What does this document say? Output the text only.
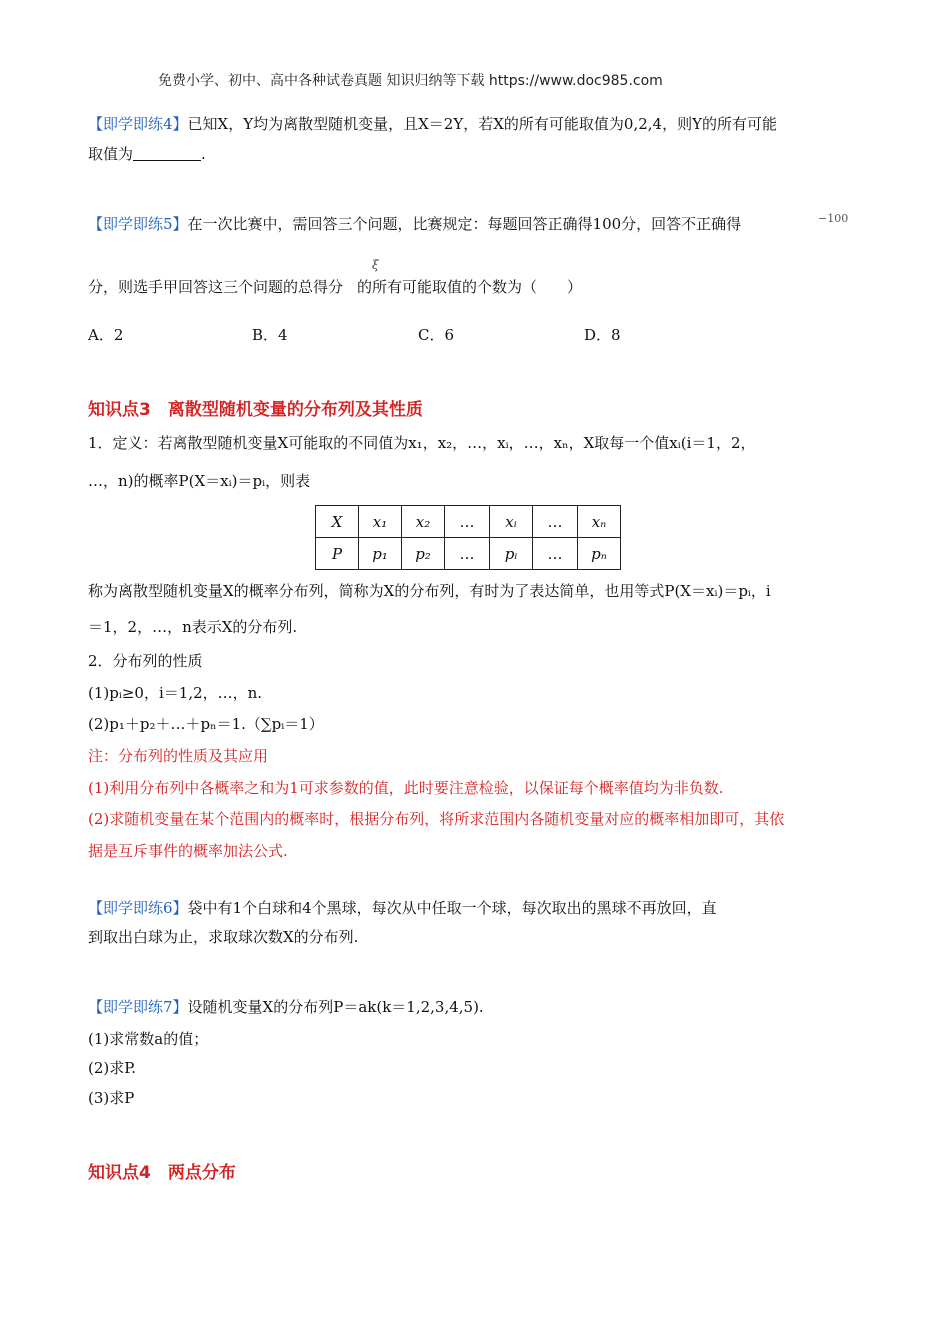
免费小学、初中、高中各种试卷真题 知识归纳等下载 https://www.doc985.com
【即学即练4】已知X，Y均为离散型随机变量，且X＝2Y，若X的所有可能取值为0,2,4，则Y的所有可能
取值为	.
【即学即练5】在一次比赛中，需回答三个问题，比赛规定：每题回答正确得100分，回答不正确得	−100
ξ
分，则选手甲回答这三个问题的总得分 的所有可能取值的个数为（　　）
A．2	B．4	C．6	D．8
知识点3　离散型随机变量的分布列及其性质
1．定义：若离散型随机变量X可能取的不同值为x₁，x₂，…，xᵢ，…，xₙ，X取每一个值xᵢ(i＝1，2，
…，n)的概率P(X＝xᵢ)＝pᵢ，则表
X	x₁	x₂	…	xᵢ	…	xₙ
P	p₁	p₂	…	pᵢ	…	pₙ
称为离散型随机变量X的概率分布列，简称为X的分布列，有时为了表达简单，也用等式P(X＝xᵢ)＝pᵢ，i
＝1，2，…，n表示X的分布列.
2．分布列的性质
(1)pᵢ≥0，i＝1,2，…，n.
(2)p₁＋p₂＋…＋pₙ＝1.（∑pᵢ＝1）
注：分布列的性质及其应用
(1)利用分布列中各概率之和为1可求参数的值，此时要注意检验，以保证每个概率值均为非负数.
(2)求随机变量在某个范围内的概率时，根据分布列，将所求范围内各随机变量对应的概率相加即可，其依
据是互斥事件的概率加法公式.
【即学即练6】袋中有1个白球和4个黑球，每次从中任取一个球，每次取出的黑球不再放回，直
到取出白球为止，求取球次数X的分布列.
【即学即练7】设随机变量X的分布列P＝ak(k＝1,2,3,4,5).
(1)求常数a的值；
(2)求P.
(3)求P
知识点4　两点分布
